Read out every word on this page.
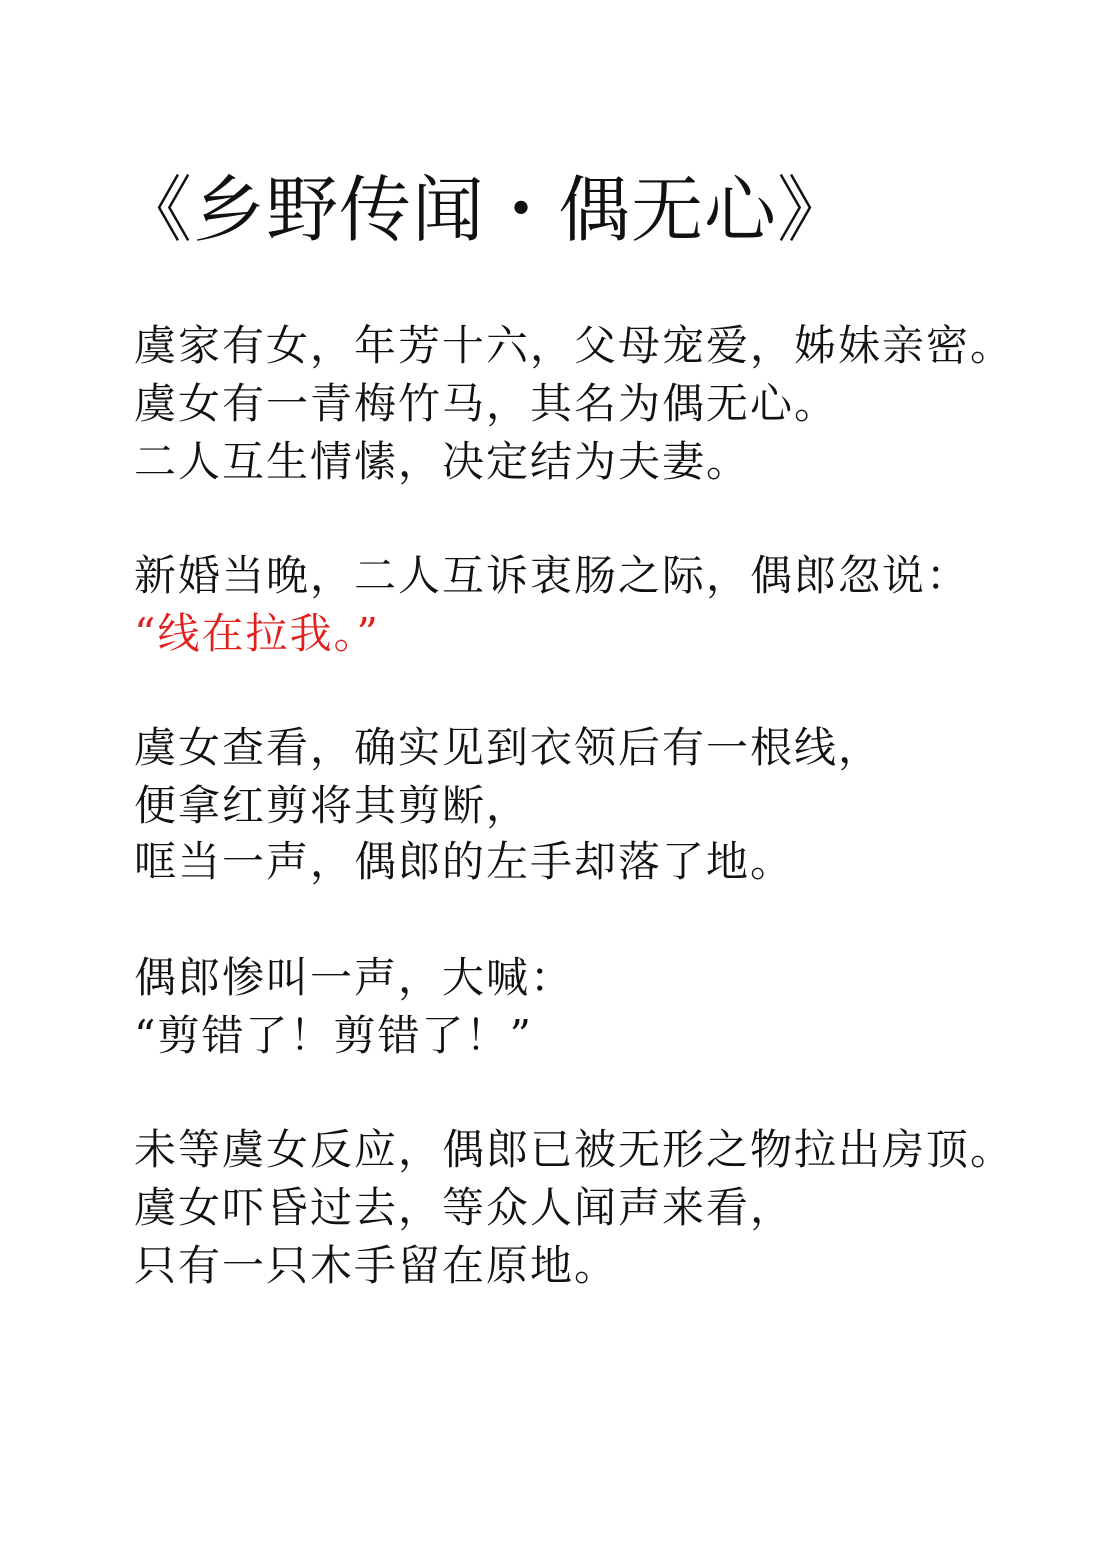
《乡野传闻・偶无心》
虞家有女，年芳十六，父母宠爱，姊妹亲密。
虞女有一青梅竹马，其名为偶无心。
二人互生情愫，决定结为夫妻。
新婚当晚，二人互诉衷肠之际，偶郎忽说：
“线在拉我。”
虞女查看，确实见到衣领后有一根线，
便拿红剪将其剪断，
哐当一声，偶郎的左手却落了地。
偶郎惨叫一声，大喊：
“剪错了！剪错了！”
未等虞女反应，偶郎已被无形之物拉出房顶。
虞女吓昏过去，等众人闻声来看，
只有一只木手留在原地。
